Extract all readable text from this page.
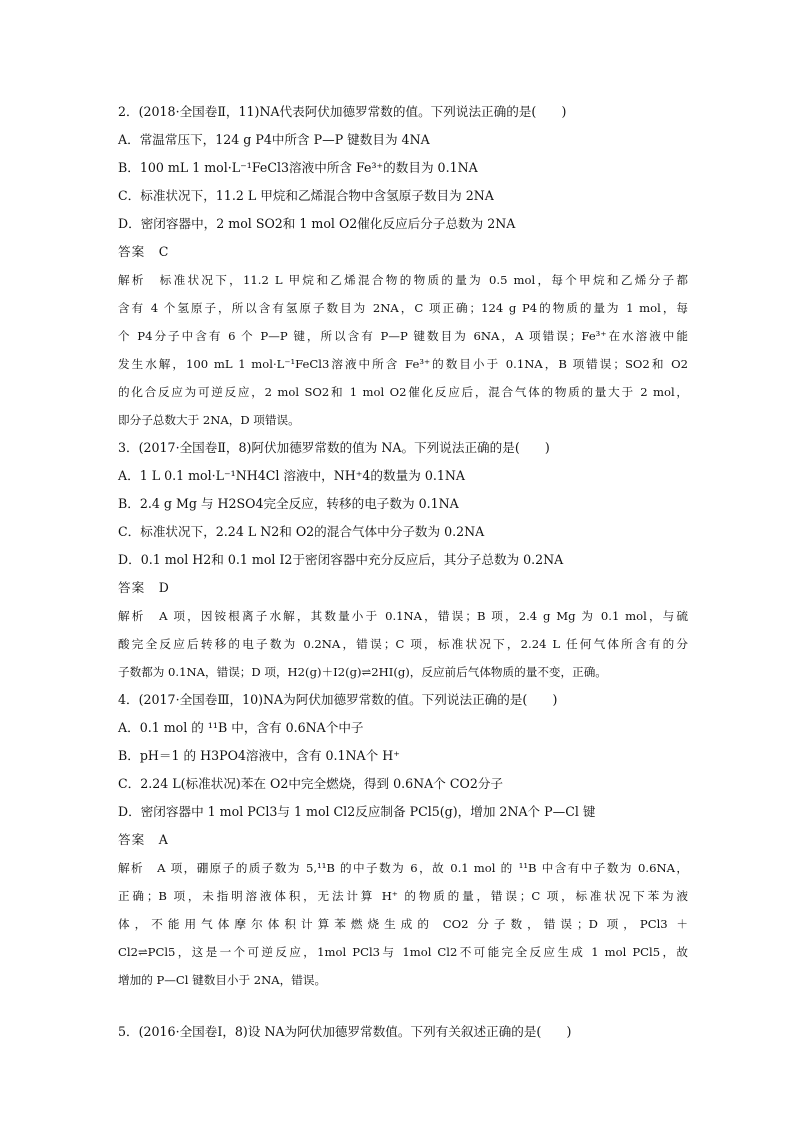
2．(2018·全国卷Ⅱ，11)NA代表阿伏加德罗常数的值。下列说法正确的是(　　)
A．常温常压下，124 g P4中所含 P—P 键数目为 4NA
B．100 mL 1 mol·L⁻¹FeCl3溶液中所含 Fe³⁺的数目为 0.1NA
C．标准状况下，11.2 L 甲烷和乙烯混合物中含氢原子数目为 2NA
D．密闭容器中，2 mol SO2和 1 mol O2催化反应后分子总数为 2NA
答案　C
解析　标准状况下，11.2 L 甲烷和乙烯混合物的物质的量为 0.5 mol，每个甲烷和乙烯分子都
含有 4 个氢原子，所以含有氢原子数目为 2NA，C 项正确；124 g P4的物质的量为 1 mol，每
个 P4分子中含有 6 个 P—P 键，所以含有 P—P 键数目为 6NA，A 项错误；Fe³⁺在水溶液中能
发生水解，100 mL 1 mol·L⁻¹FeCl3溶液中所含 Fe³⁺的数目小于 0.1NA，B 项错误；SO2和 O2
的化合反应为可逆反应，2 mol SO2和 1 mol O2催化反应后，混合气体的物质的量大于 2 mol，
即分子总数大于 2NA，D 项错误。
3．(2017·全国卷Ⅱ，8)阿伏加德罗常数的值为 NA。下列说法正确的是(　　)
A．1 L 0.1 mol·L⁻¹NH4Cl 溶液中，NH⁺4的数量为 0.1NA
B．2.4 g Mg 与 H2SO4完全反应，转移的电子数为 0.1NA
C．标准状况下，2.24 L N2和 O2的混合气体中分子数为 0.2NA
D．0.1 mol H2和 0.1 mol I2于密闭容器中充分反应后，其分子总数为 0.2NA
答案　D
解析　A 项，因铵根离子水解，其数量小于 0.1NA，错误；B 项，2.4 g Mg 为 0.1 mol，与硫
酸完全反应后转移的电子数为 0.2NA，错误；C 项，标准状况下，2.24 L 任何气体所含有的分
子数都为 0.1NA，错误；D 项，H2(g)＋I2(g)⇌2HI(g)，反应前后气体物质的量不变，正确。
4．(2017·全国卷Ⅲ，10)NA为阿伏加德罗常数的值。下列说法正确的是(　　)
A．0.1 mol 的 ¹¹B 中，含有 0.6NA个中子
B．pH＝1 的 H3PO4溶液中，含有 0.1NA个 H⁺
C．2.24 L(标准状况)苯在 O2中完全燃烧，得到 0.6NA个 CO2分子
D．密闭容器中 1 mol PCl3与 1 mol Cl2反应制备 PCl5(g)，增加 2NA个 P—Cl 键
答案　A
解析　A 项，硼原子的质子数为 5,¹¹B 的中子数为 6，故 0.1 mol 的 ¹¹B 中含有中子数为 0.6NA，
正确；B 项，未指明溶液体积，无法计算 H⁺ 的物质的量，错误；C 项，标准状况下苯为液
体，不能用气体摩尔体积计算苯燃烧生成的 CO2 分子数，错误；D 项，PCl3 ＋
Cl2⇌PCl5，这是一个可逆反应，1mol PCl3与 1mol Cl2不可能完全反应生成 1 mol PCl5，故
增加的 P—Cl 键数目小于 2NA，错误。
5．(2016·全国卷Ⅰ，8)设 NA为阿伏加德罗常数值。下列有关叙述正确的是(　　)
